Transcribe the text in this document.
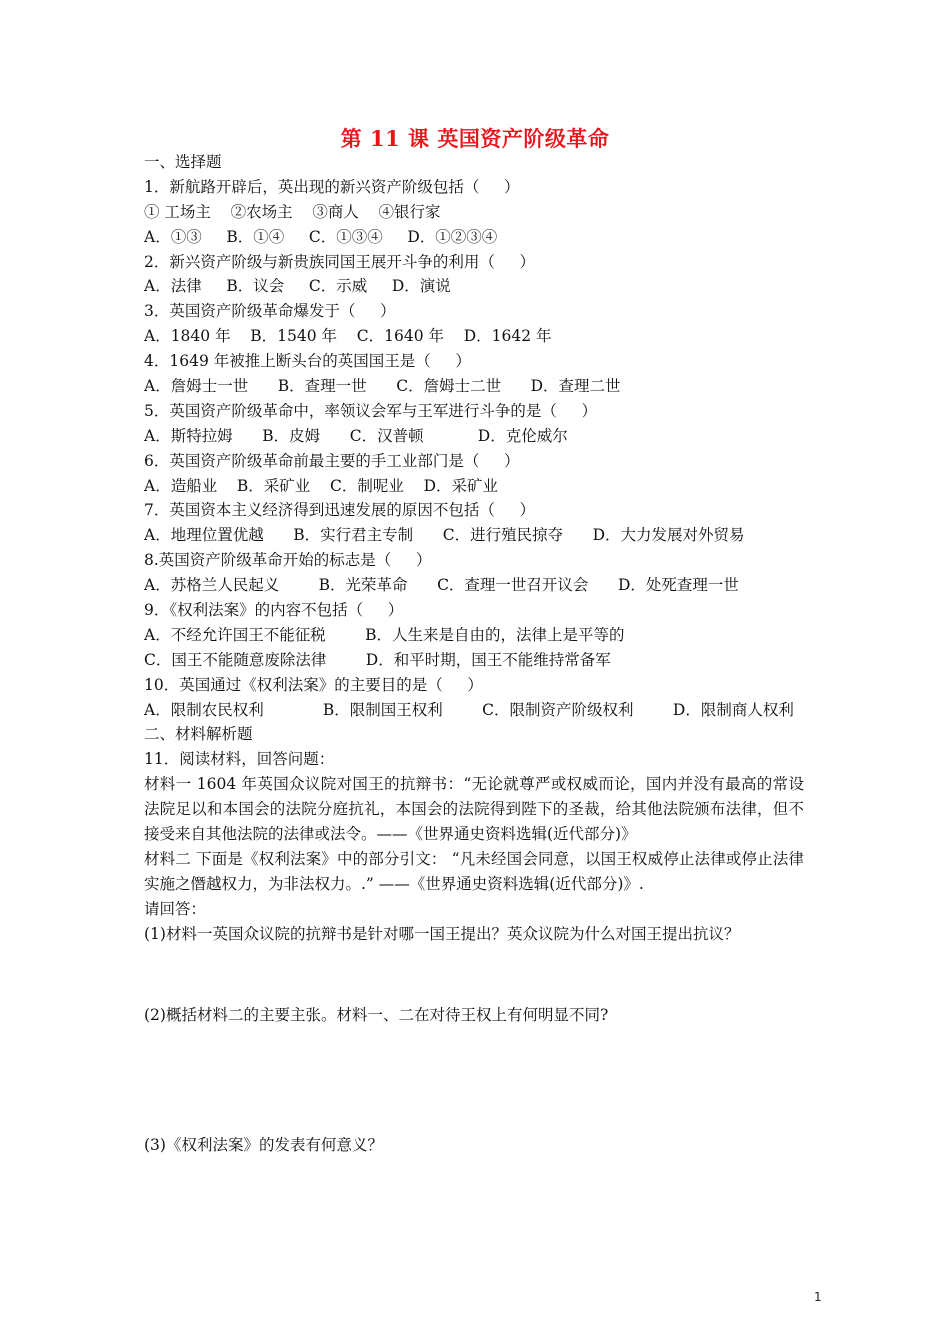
第 11 课 英国资产阶级革命
一、选择题
1．新航路开辟后，英出现的新兴资产阶级包括（     ）
① 工场主    ②农场主    ③商人    ④银行家
A．①③     B．①④     C．①③④     D．①②③④
2．新兴资产阶级与新贵族同国王展开斗争的利用（     ）
A．法律     B．议会     C．示威     D．演说
3．英国资产阶级革命爆发于（     ）
A．1840 年    B．1540 年    C．1640 年    D．1642 年
4．1649 年被推上断头台的英国国王是（     ）
A．詹姆士一世      B．查理一世      C．詹姆士二世      D．查理二世
5．英国资产阶级革命中，率领议会军与王军进行斗争的是（     ）
A．斯特拉姆      B．皮姆      C．汉普顿           D．克伦威尔
6．英国资产阶级革命前最主要的手工业部门是（     ）
A．造船业    B．采矿业    C．制呢业    D．采矿业
7．英国资本主义经济得到迅速发展的原因不包括（     ）
A．地理位置优越      B．实行君主专制      C．进行殖民掠夺      D．大力发展对外贸易
8.英国资产阶级革命开始的标志是（     ）
A．苏格兰人民起义        B．光荣革命      C．查理一世召开议会      D．处死查理一世
9．《权利法案》的内容不包括（     ）
A．不经允许国王不能征税        B．人生来是自由的，法律上是平等的
C．国王不能随意废除法律        D．和平时期，国王不能维持常备军
10．英国通过《权利法案》的主要目的是（     ）
A．限制农民权利            B．限制国王权利        C．限制资产阶级权利        D．限制商人权利
二、材料解析题
11．阅读材料，回答问题：
材料一 1604 年英国众议院对国王的抗辩书：“无论就尊严或权威而论，国内并没有最高的常设法院足以和本国会的法院分庭抗礼，本国会的法院得到陛下的圣裁，给其他法院颁布法律，但不接受来自其他法院的法律或法令。——《世界通史资料选辑(近代部分)》
材料二 下面是《权利法案》中的部分引文： “凡未经国会同意，以国王权威停止法律或停止法律实施之僭越权力，为非法权力。.” ——《世界通史资料选辑(近代部分)》.
请回答：
(1)材料一英国众议院的抗辩书是针对哪一国王提出？英众议院为什么对国王提出抗议？
(2)概括材料二的主要主张。材料一、二在对待王权上有何明显不同?
(3)《权利法案》的发表有何意义？
1
